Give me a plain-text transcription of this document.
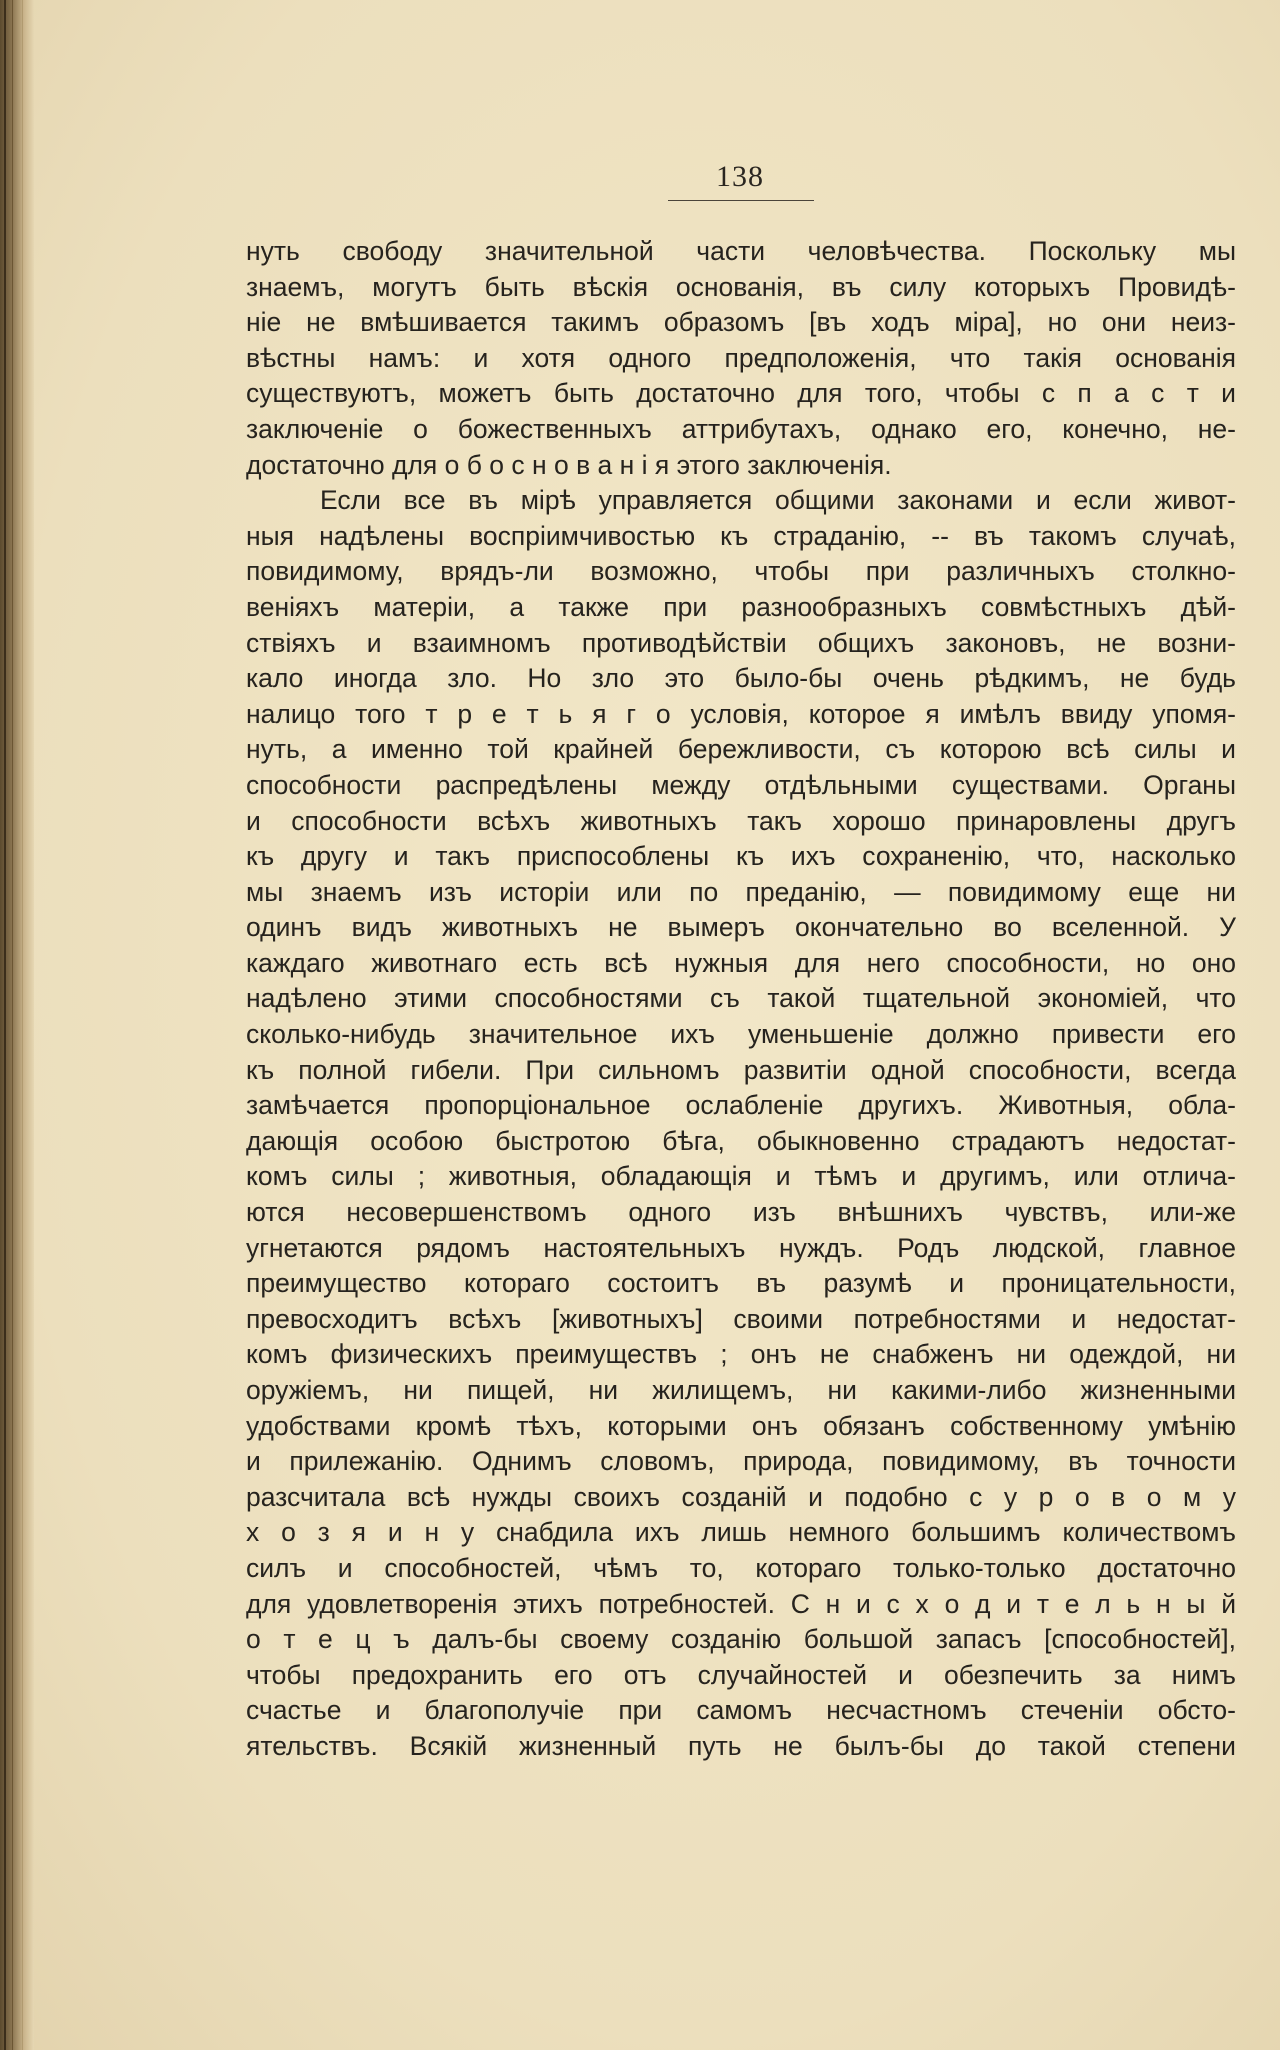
138
нуть свободу значительной части человѣчества. Поскольку мы
знаемъ, могутъ быть вѣскія основанія, въ силу которыхъ Провидѣ-
ніе не вмѣшивается такимъ образомъ [въ ходъ міра], но они неиз-
вѣстны намъ: и хотя одного предположенія, что такія основанія
существуютъ, можетъ быть достаточно для того, чтобы с п а с т и
заключеніе о божественныхъ аттрибутахъ, однако его, конечно, не-
достаточно для о б о с н о в а н і я этого заключенія.
Если все въ мірѣ управляется общими законами и если живот-
ныя надѣлены воспріимчивостью къ страданію, -- въ такомъ случаѣ,
повидимому, врядъ-ли возможно, чтобы при различныхъ столкно-
веніяхъ матеріи, а также при разнообразныхъ совмѣстныхъ дѣй-
ствіяхъ и взаимномъ противодѣйствіи общихъ законовъ, не возни-
кало иногда зло. Но зло это было-бы очень рѣдкимъ, не будь
налицо того т р е т ь я г о условія, которое я имѣлъ ввиду упомя-
нуть, а именно той крайней бережливости, съ которою всѣ силы и
способности распредѣлены между отдѣльными существами. Органы
и способности всѣхъ животныхъ такъ хорошо принаровлены другъ
къ другу и такъ приспособлены къ ихъ сохраненію, что, насколько
мы знаемъ изъ исторіи или по преданію, — повидимому еще ни
одинъ видъ животныхъ не вымеръ окончательно во вселенной. У
каждаго животнаго есть всѣ нужныя для него способности, но оно
надѣлено этими способностями съ такой тщательной экономіей, что
сколько-нибудь значительное ихъ уменьшеніе должно привести его
къ полной гибели. При сильномъ развитіи одной способности, всегда
замѣчается пропорціональное ослабленіе другихъ. Животныя, обла-
дающія особою быстротою бѣга, обыкновенно страдаютъ недостат-
комъ силы ; животныя, обладающія и тѣмъ и другимъ, или отлича-
ются несовершенствомъ одного изъ внѣшнихъ чувствъ, или-же
угнетаются рядомъ настоятельныхъ нуждъ. Родъ людской, главное
преимущество котораго состоитъ въ разумѣ и проницательности,
превосходитъ всѣхъ [животныхъ] своими потребностями и недостат-
комъ физическихъ преимуществъ ; онъ не снабженъ ни одеждой, ни
оружіемъ, ни пищей, ни жилищемъ, ни какими-либо жизненными
удобствами кромѣ тѣхъ, которыми онъ обязанъ собственному умѣнію
и прилежанію. Однимъ словомъ, природа, повидимому, въ точности
разсчитала всѣ нужды своихъ созданій и подобно с у р о в о м у
х о з я и н у снабдила ихъ лишь немного большимъ количествомъ
силъ и способностей, чѣмъ то, котораго только-только достаточно
для удовлетворенія этихъ потребностей. С н и с х о д и т е л ь н ы й
о т е ц ъ далъ-бы своему созданію большой запасъ [способностей],
чтобы предохранить его отъ случайностей и обезпечить за нимъ
счастье и благополучіе при самомъ несчастномъ стеченіи обсто-
ятельствъ. Всякій жизненный путь не былъ-бы до такой степени
